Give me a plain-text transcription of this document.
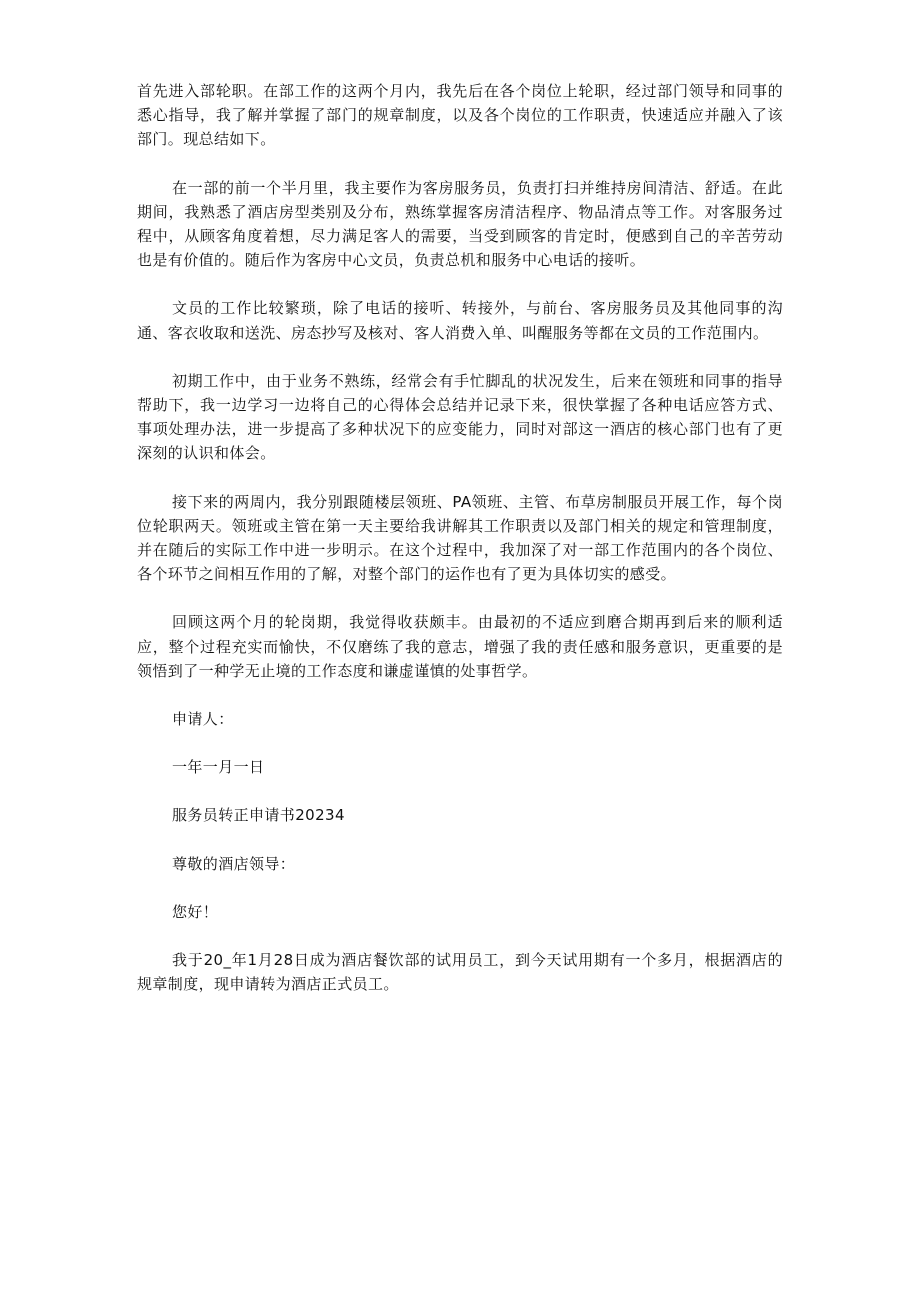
首先进入部轮职。在部工作的这两个月内，我先后在各个岗位上轮职，经过部门领导和同事的悉心指导，我了解并掌握了部门的规章制度，以及各个岗位的工作职责，快速适应并融入了该部门。现总结如下。

在一部的前一个半月里，我主要作为客房服务员，负责打扫并维持房间清洁、舒适。在此期间，我熟悉了酒店房型类别及分布，熟练掌握客房清洁程序、物品清点等工作。对客服务过程中，从顾客角度着想，尽力满足客人的需要，当受到顾客的肯定时，便感到自己的辛苦劳动也是有价值的。随后作为客房中心文员，负责总机和服务中心电话的接听。

文员的工作比较繁琐，除了电话的接听、转接外，与前台、客房服务员及其他同事的沟通、客衣收取和送洗、房态抄写及核对、客人消费入单、叫醒服务等都在文员的工作范围内。

初期工作中，由于业务不熟练，经常会有手忙脚乱的状况发生，后来在领班和同事的指导帮助下，我一边学习一边将自己的心得体会总结并记录下来，很快掌握了各种电话应答方式、事项处理办法，进一步提高了多种状况下的应变能力，同时对部这一酒店的核心部门也有了更深刻的认识和体会。

接下来的两周内，我分别跟随楼层领班、PA领班、主管、布草房制服员开展工作，每个岗位轮职两天。领班或主管在第一天主要给我讲解其工作职责以及部门相关的规定和管理制度，并在随后的实际工作中进一步明示。在这个过程中，我加深了对一部工作范围内的各个岗位、各个环节之间相互作用的了解，对整个部门的运作也有了更为具体切实的感受。

回顾这两个月的轮岗期，我觉得收获颇丰。由最初的不适应到磨合期再到后来的顺利适应，整个过程充实而愉快，不仅磨练了我的意志，增强了我的责任感和服务意识，更重要的是领悟到了一种学无止境的工作态度和谦虚谨慎的处事哲学。

申请人：

一年一月一日

服务员转正申请书20234

尊敬的酒店领导：

您好！

我于20_年1月28日成为酒店餐饮部的试用员工，到今天试用期有一个多月，根据酒店的规章制度，现申请转为酒店正式员工。
